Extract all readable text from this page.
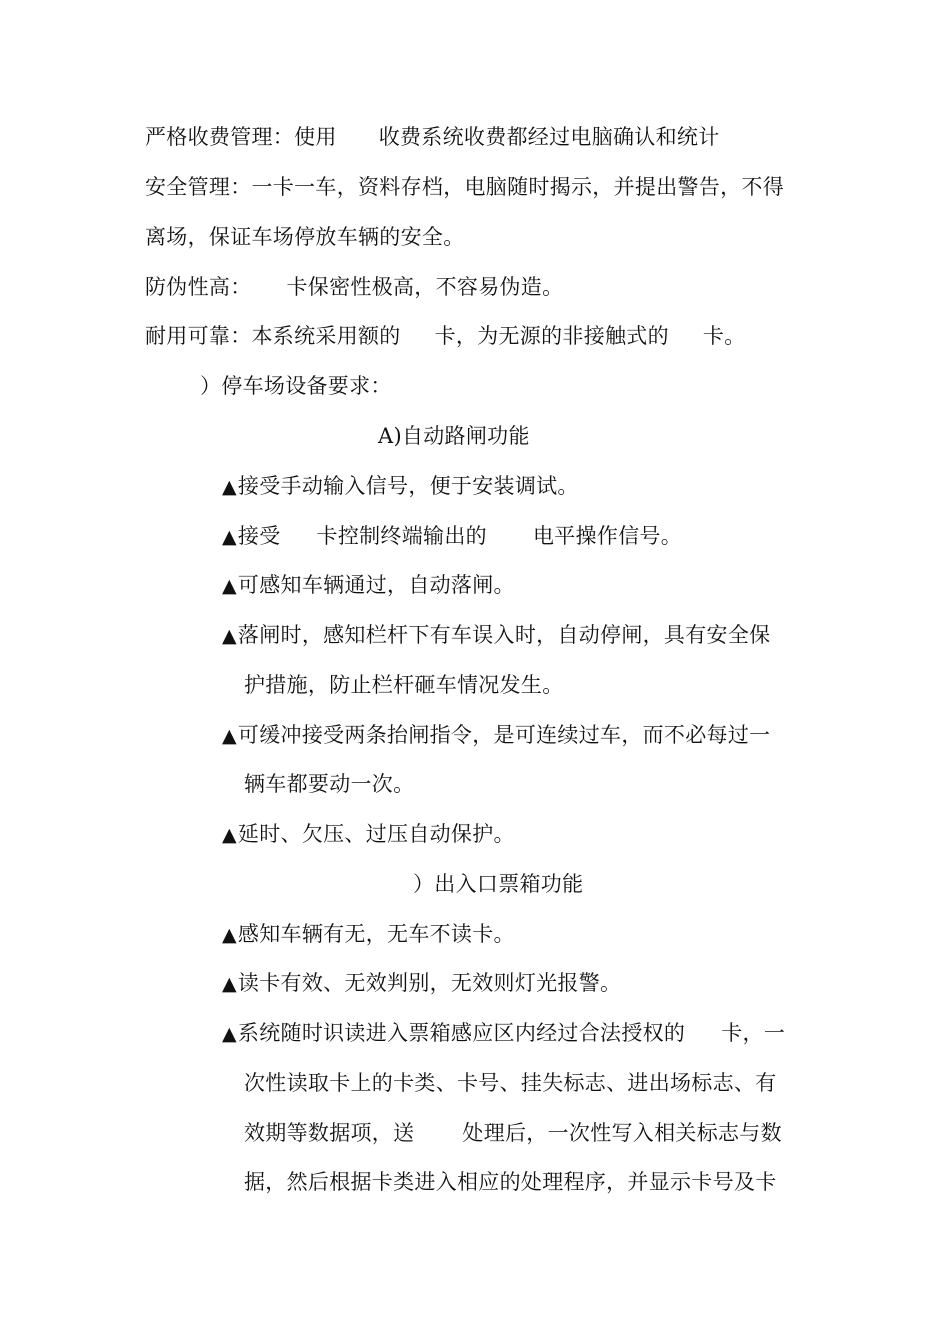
严格收费管理：使用 收费系统收费都经过电脑确认和统计
安全管理：一卡一车，资料存档，电脑随时揭示，并提出警告，不得
离场，保证车场停放车辆的安全。
防伪性高： 卡保密性极高，不容易伪造。
耐用可靠：本系统采用额的 卡，为无源的非接触式的 卡。
）停车场设备要求：
A)自动路闸功能
▲接受手动输入信号，便于安装调试。
▲接受 卡控制终端输出的 电平操作信号。
▲可感知车辆通过，自动落闸。
▲落闸时，感知栏杆下有车误入时，自动停闸，具有安全保
护措施，防止栏杆砸车情况发生。
▲可缓冲接受两条抬闸指令，是可连续过车，而不必每过一
辆车都要动一次。
▲延时、欠压、过压自动保护。
）出入口票箱功能
▲感知车辆有无，无车不读卡。
▲读卡有效、无效判别，无效则灯光报警。
▲系统随时识读进入票箱感应区内经过合法授权的 卡，一
次性读取卡上的卡类、卡号、挂失标志、进出场标志、有
效期等数据项，送 处理后，一次性写入相关标志与数
据，然后根据卡类进入相应的处理程序，并显示卡号及卡
